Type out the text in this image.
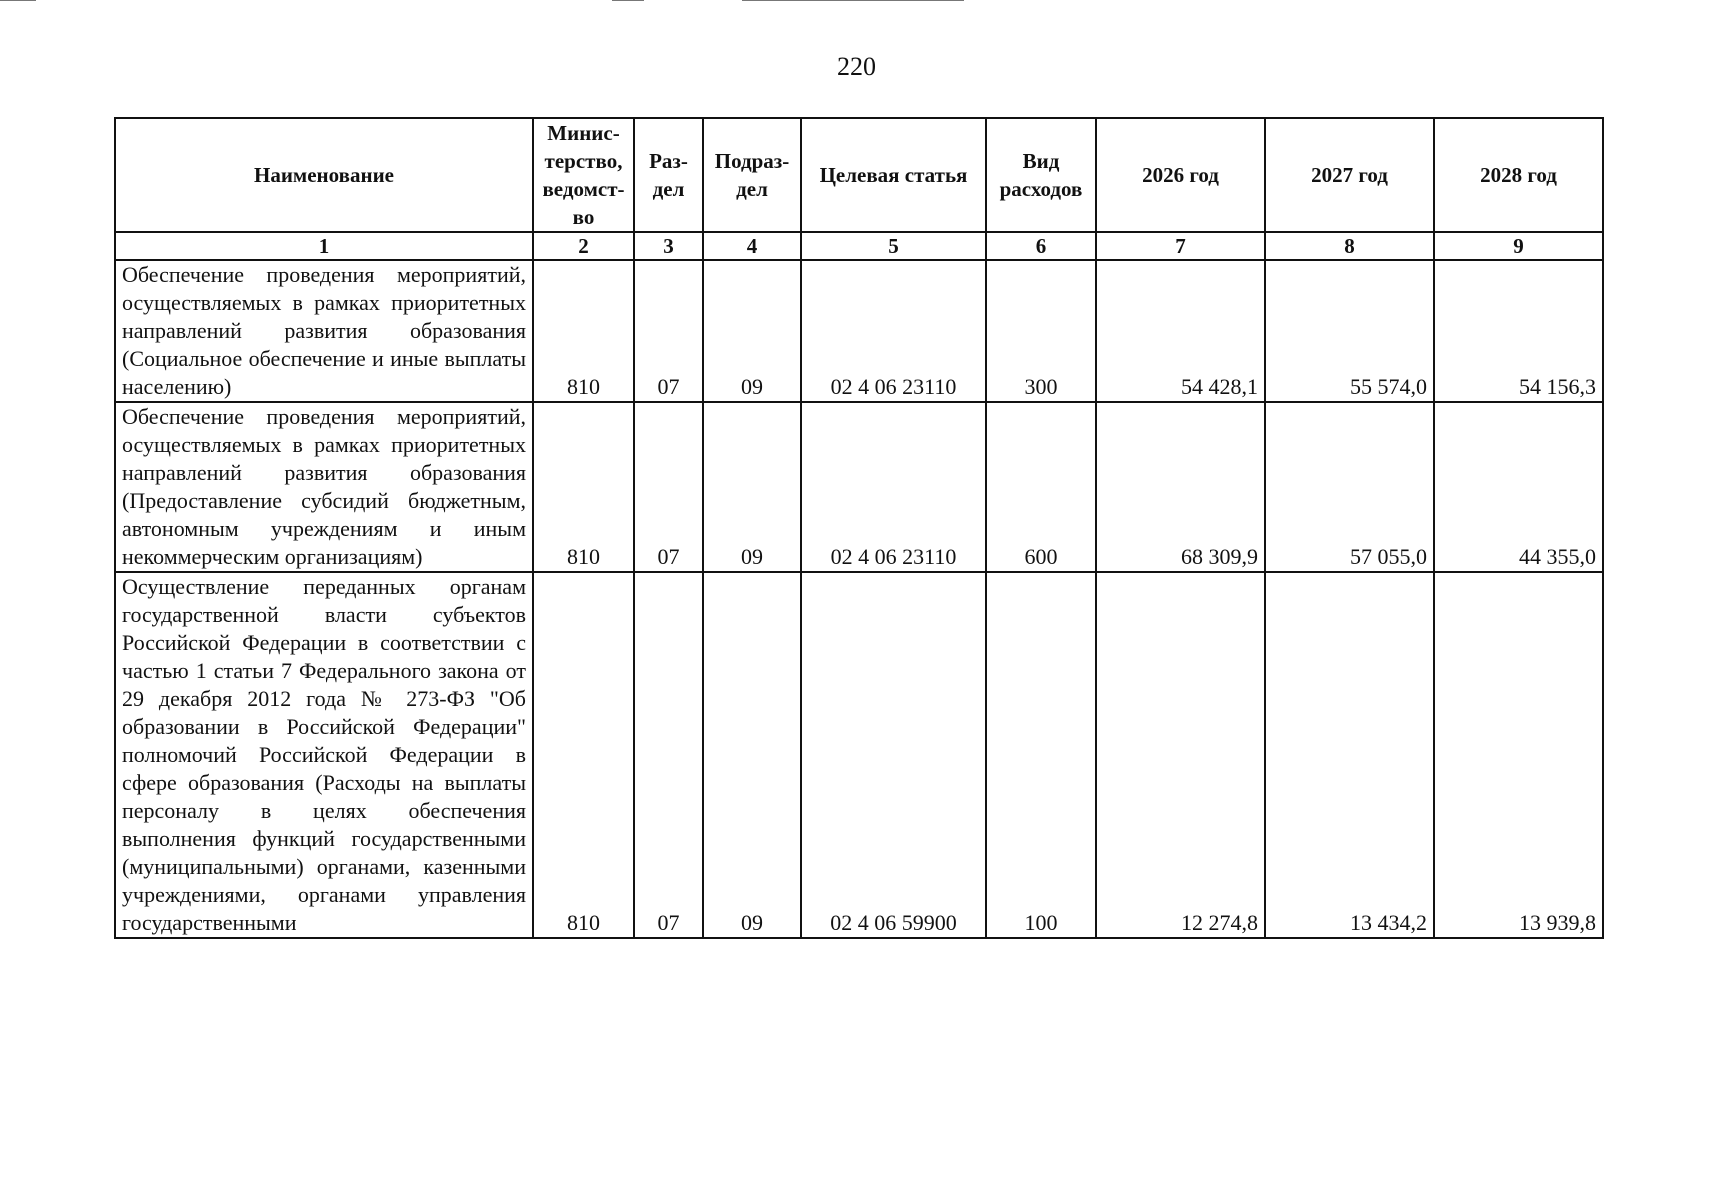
220
Наименование	Минис-терство, ведомст-во	Раз-дел	Подраз-дел	Целевая статья	Вид расходов	2026 год	2027 год	2028 год
1	2	3	4	5	6	7	8	9
Обеспечение проведения мероприятий, осуществляемых в рамках приоритетных направлений развития образования (Социальное обеспечение и иные выплаты населению)	810	07	09	02 4 06 23110	300	54 428,1	55 574,0	54 156,3
Обеспечение проведения мероприятий, осуществляемых в рамках приоритетных направлений развития образования (Предоставление субсидий бюджетным, автономным учреждениям и иным некоммерческим организациям)	810	07	09	02 4 06 23110	600	68 309,9	57 055,0	44 355,0
Осуществление переданных органам государственной власти субъектов Российской Федерации в соответствии с частью 1 статьи 7 Федерального закона от 29 декабря 2012 года № 273-ФЗ "Об образовании в Российской Федерации" полномочий Российской Федерации в сфере образования (Расходы на выплаты персоналу в целях обеспечения выполнения функций государственными (муниципальными) органами, казенными учреждениями, органами управления государственными	810	07	09	02 4 06 59900	100	12 274,8	13 434,2	13 939,8
